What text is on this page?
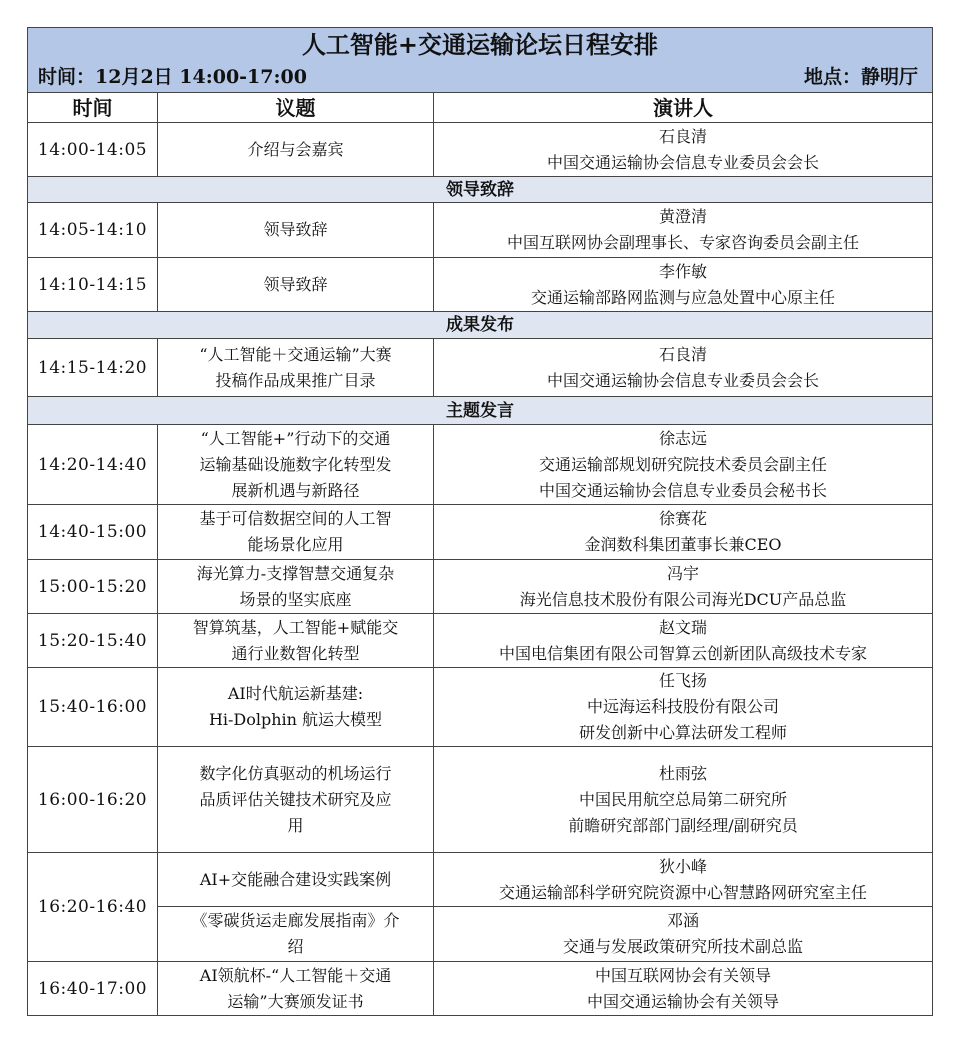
人工智能+交通运输论坛日程安排		

时间：12月2日 14:00-17:00 地点：静明厅		

时间	议题	演讲人
14:00-14:05	介绍与会嘉宾	石良清
中国交通运输协会信息专业委员会会长

领导致辞		
14:05-14:10	领导致辞	黄澄清
中国互联网协会副理事长、专家咨询委员会副主任

14:10-14:15	领导致辞	李作敏
交通运输部路网监测与应急处置中心原主任

成果发布		
14:15-14:20	“人工智能＋交通运输”大赛
投稿作品成果推广目录	石良清
中国交通运输协会信息专业委员会会长

主题发言		
14:20-14:40	“人工智能+”行动下的交通
运输基础设施数字化转型发
展新机遇与新路径	徐志远
交通运输部规划研究院技术委员会副主任
中国交通运输协会信息专业委员会秘书长

14:40-15:00	基于可信数据空间的人工智
能场景化应用	徐赛花
金润数科集团董事长兼CEO

15:00-15:20	海光算力-支撑智慧交通复杂
场景的坚实底座	冯宇
海光信息技术股份有限公司海光DCU产品总监

15:20-15:40	智算筑基，人工智能+赋能交
通行业数智化转型	赵文瑞
中国电信集团有限公司智算云创新团队高级技术专家

15:40-16:00	AI时代航运新基建:
Hi-Dolphin 航运大模型	任飞扬
中远海运科技股份有限公司
研发创新中心算法研发工程师

16:00-16:20	数字化仿真驱动的机场运行
品质评估关键技术研究及应
用	杜雨弦
中国民用航空总局第二研究所
前瞻研究部部门副经理/副研究员

16:20-16:40	AI+交能融合建设实践案例	狄小峰
交通运输部科学研究院资源中心智慧路网研究室主任

	《零碳货运走廊发展指南》介
绍	邓涵
交通与发展政策研究所技术副总监

16:40-17:00	AI领航杯-“人工智能＋交通
运输”大赛颁发证书	中国互联网协会有关领导
中国交通运输协会有关领导
